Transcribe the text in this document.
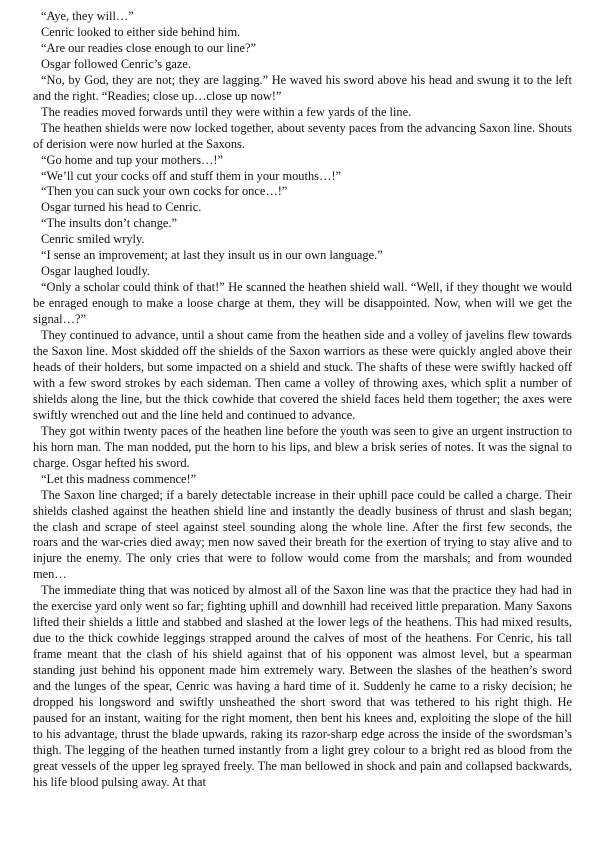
“Aye, they will…”

Cenric looked to either side behind him.

“Are our readies close enough to our line?”

Osgar followed Cenric’s gaze.

“No, by God, they are not; they are lagging.” He waved his sword above his head and swung it to the left and the right. “Readies; close up…close up now!”

The readies moved forwards until they were within a few yards of the line.

The heathen shields were now locked together, about seventy paces from the advancing Saxon line. Shouts of derision were now hurled at the Saxons.

“Go home and tup your mothers…!”

“We’ll cut your cocks off and stuff them in your mouths…!”

“Then you can suck your own cocks for once…!”

Osgar turned his head to Cenric.

“The insults don’t change.”

Cenric smiled wryly.

“I sense an improvement; at last they insult us in our own language.”

Osgar laughed loudly.

“Only a scholar could think of that!” He scanned the heathen shield wall. “Well, if they thought we would be enraged enough to make a loose charge at them, they will be disappointed. Now, when will we get the signal…?”

They continued to advance, until a shout came from the heathen side and a volley of javelins flew towards the Saxon line. Most skidded off the shields of the Saxon warriors as these were quickly angled above their heads of their holders, but some impacted on a shield and stuck. The shafts of these were swiftly hacked off with a few sword strokes by each sideman. Then came a volley of throwing axes, which split a number of shields along the line, but the thick cowhide that covered the shield faces held them together; the axes were swiftly wrenched out and the line held and continued to advance.

They got within twenty paces of the heathen line before the youth was seen to give an urgent instruction to his horn man. The man nodded, put the horn to his lips, and blew a brisk series of notes. It was the signal to charge. Osgar hefted his sword.

“Let this madness commence!”

The Saxon line charged; if a barely detectable increase in their uphill pace could be called a charge. Their shields clashed against the heathen shield line and instantly the deadly business of thrust and slash began; the clash and scrape of steel against steel sounding along the whole line. After the first few seconds, the roars and the war-cries died away; men now saved their breath for the exertion of trying to stay alive and to injure the enemy. The only cries that were to follow would come from the marshals; and from wounded men…

The immediate thing that was noticed by almost all of the Saxon line was that the practice they had had in the exercise yard only went so far; fighting uphill and downhill had received little preparation. Many Saxons lifted their shields a little and stabbed and slashed at the lower legs of the heathens. This had mixed results, due to the thick cowhide leggings strapped around the calves of most of the heathens. For Cenric, his tall frame meant that the clash of his shield against that of his opponent was almost level, but a spearman standing just behind his opponent made him extremely wary. Between the slashes of the heathen’s sword and the lunges of the spear, Cenric was having a hard time of it. Suddenly he came to a risky decision; he dropped his longsword and swiftly unsheathed the short sword that was tethered to his right thigh. He paused for an instant, waiting for the right moment, then bent his knees and, exploiting the slope of the hill to his advantage, thrust the blade upwards, raking its razor-sharp edge across the inside of the swordsman’s thigh. The legging of the heathen turned instantly from a light grey colour to a bright red as blood from the great vessels of the upper leg sprayed freely. The man bellowed in shock and pain and collapsed backwards, his life blood pulsing away. At that
